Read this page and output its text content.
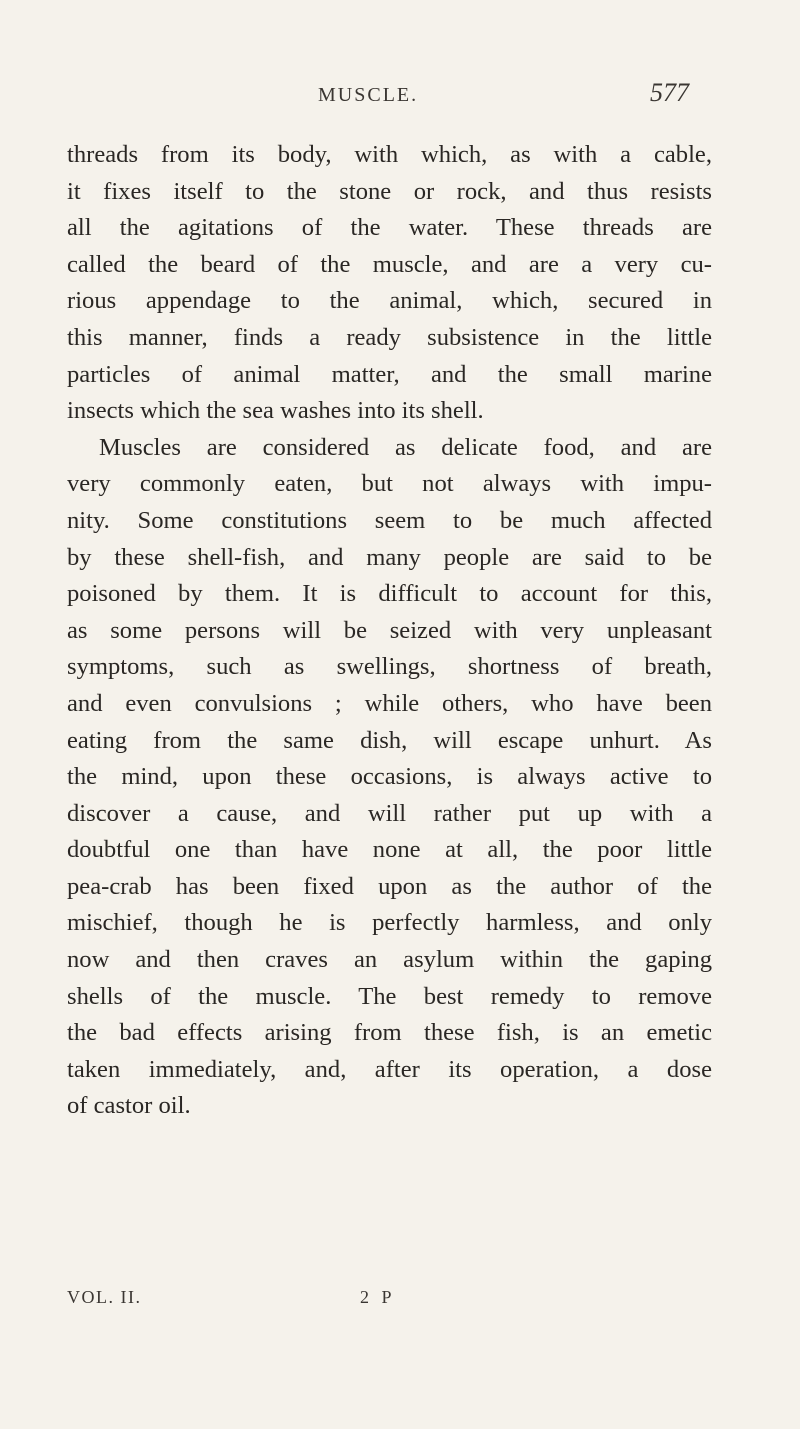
MUSCLE.	577
threads from its body, with which, as with a cable,
it fixes itself to the stone or rock, and thus resists
all the agitations of the water. These threads are
called the beard of the muscle, and are a very cu-
rious appendage to the animal, which, secured in
this manner, finds a ready subsistence in the little
particles of animal matter, and the small marine
insects which the sea washes into its shell.
Muscles are considered as delicate food, and are
very commonly eaten, but not always with impu-
nity. Some constitutions seem to be much affected
by these shell-fish, and many people are said to be
poisoned by them. It is difficult to account for this,
as some persons will be seized with very unpleasant
symptoms, such as swellings, shortness of breath,
and even convulsions ; while others, who have been
eating from the same dish, will escape unhurt. As
the mind, upon these occasions, is always active to
discover a cause, and will rather put up with a
doubtful one than have none at all, the poor little
pea-crab has been fixed upon as the author of the
mischief, though he is perfectly harmless, and only
now and then craves an asylum within the gaping
shells of the muscle. The best remedy to remove
the bad effects arising from these fish, is an emetic
taken immediately, and, after its operation, a dose
of castor oil.
VOL. II.	2 P
